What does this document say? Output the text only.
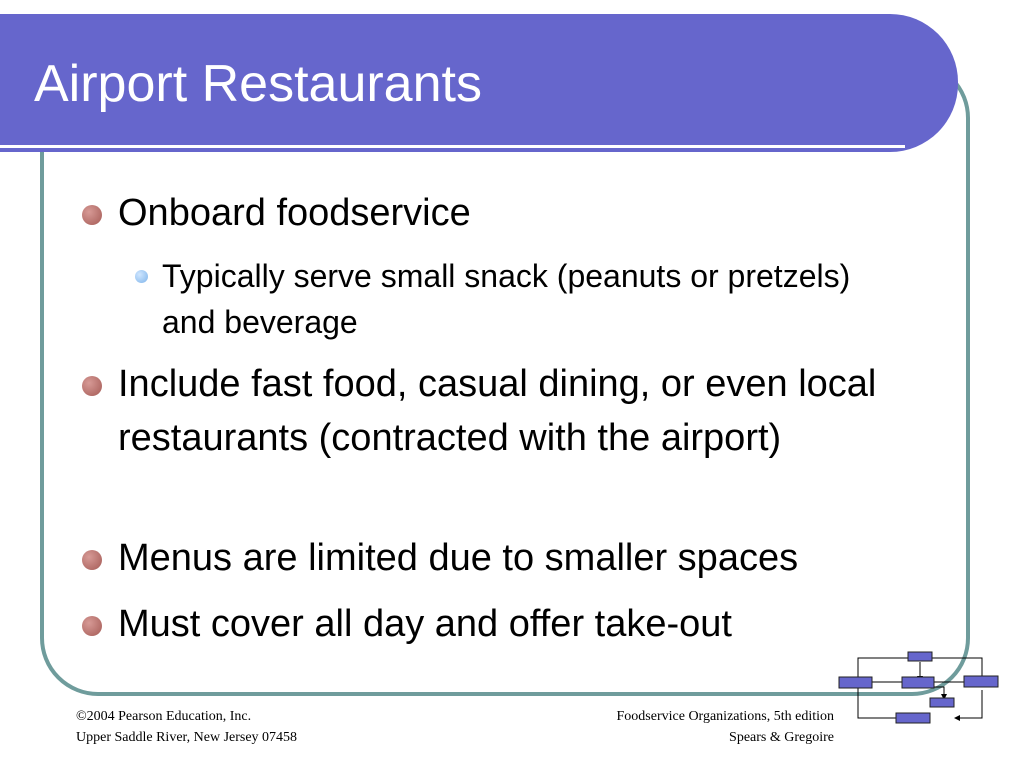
Airport Restaurants
Onboard foodservice
Typically serve small snack (peanuts or pretzels) and beverage
Include fast food, casual dining, or even local restaurants (contracted with the airport)
Menus are limited due to smaller spaces
Must cover all day and offer take-out
©2004 Pearson Education, Inc.
Upper Saddle River, New Jersey 07458
Foodservice Organizations, 5th edition
Spears & Gregoire
